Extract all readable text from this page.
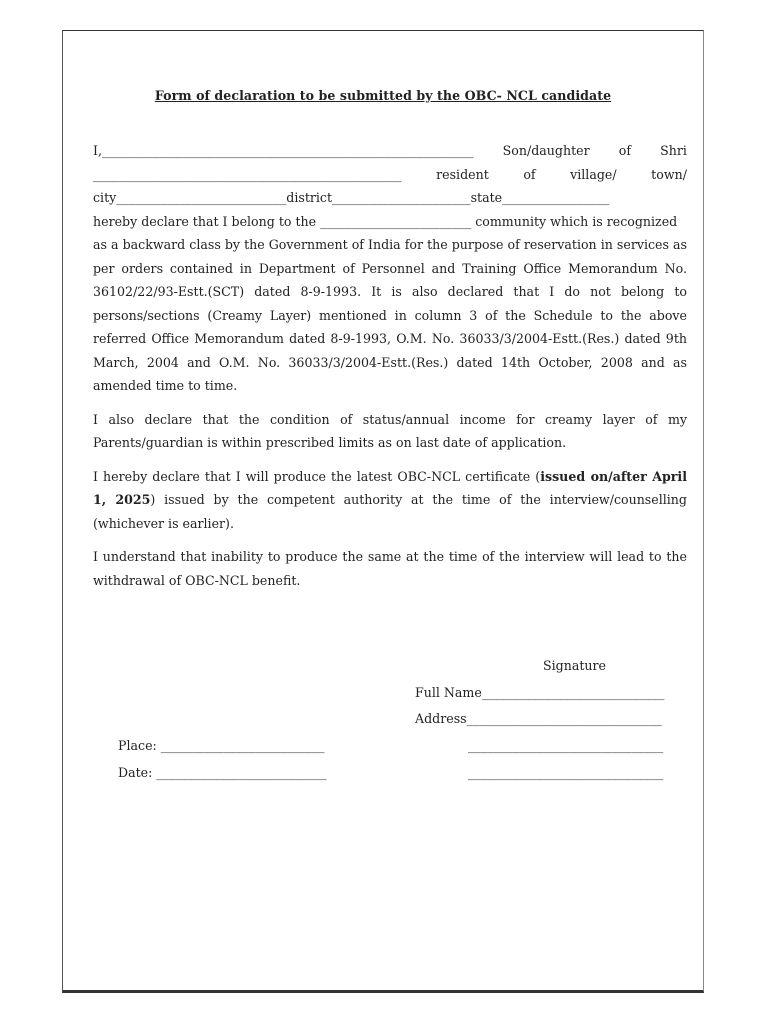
Form of declaration to be submitted by the OBC- NCL candidate
I,___________________________________________________________ Son/daughter of Shri
_________________________________________________	resident	of	village/	town/
city___________________________district______________________state_________________
hereby declare that I belong to the ________________________ community which is recognized
as a backward class by the Government of India for the purpose of reservation in services as per orders contained in Department of Personnel and Training Office Memorandum No. 36102/22/93-Estt.(SCT) dated 8-9-1993. It is also declared that I do not belong to persons/sections (Creamy Layer) mentioned in column 3 of the Schedule to the above referred Office Memorandum dated 8-9-1993, O.M. No. 36033/3/2004-Estt.(Res.) dated 9th March, 2004 and O.M. No. 36033/3/2004-Estt.(Res.) dated 14th October, 2008 and as amended time to time.
I also declare that the condition of status/annual income for creamy layer of my Parents/guardian is within prescribed limits as on last date of application.
I hereby declare that I will produce the latest OBC-NCL certificate (issued on/after April 1, 2025) issued by the competent authority at the time of the interview/counselling (whichever is earlier).
I understand that inability to produce the same at the time of the interview will lead to the withdrawal of OBC-NCL benefit.
Signature
Full Name_____________________________
Address_______________________________
Place: __________________________	_______________________________
Date: ___________________________	_______________________________
